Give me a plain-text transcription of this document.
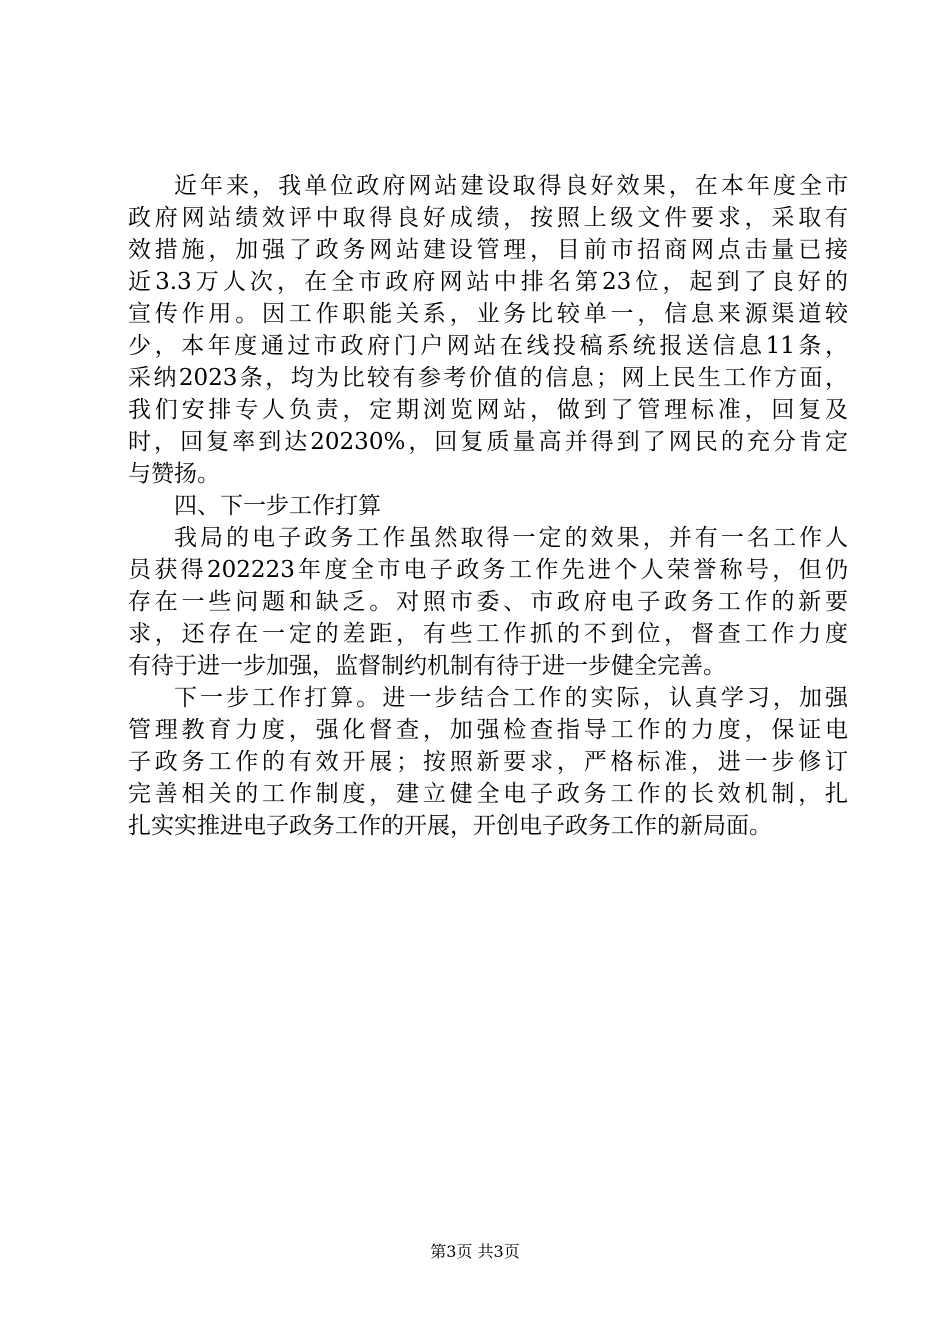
近年来，我单位政府网站建设取得良好效果，在本年度全市
政府网站绩效评中取得良好成绩，按照上级文件要求，采取有
效措施，加强了政务网站建设管理，目前市招商网点击量已接
近3.3万人次，在全市政府网站中排名第23位，起到了良好的
宣传作用。因工作职能关系，业务比较单一，信息来源渠道较
少，本年度通过市政府门户网站在线投稿系统报送信息11条，
采纳2023条，均为比较有参考价值的信息；网上民生工作方面，
我们安排专人负责，定期浏览网站，做到了管理标准，回复及
时，回复率到达20230%，回复质量高并得到了网民的充分肯定
与赞扬。
四、下一步工作打算
我局的电子政务工作虽然取得一定的效果，并有一名工作人
员获得202223年度全市电子政务工作先进个人荣誉称号，但仍
存在一些问题和缺乏。对照市委、市政府电子政务工作的新要
求，还存在一定的差距，有些工作抓的不到位，督查工作力度
有待于进一步加强，监督制约机制有待于进一步健全完善。
下一步工作打算。进一步结合工作的实际，认真学习，加强
管理教育力度，强化督查，加强检查指导工作的力度，保证电
子政务工作的有效开展；按照新要求，严格标准，进一步修订
完善相关的工作制度，建立健全电子政务工作的长效机制，扎
扎实实推进电子政务工作的开展，开创电子政务工作的新局面。
第3页 共3页
